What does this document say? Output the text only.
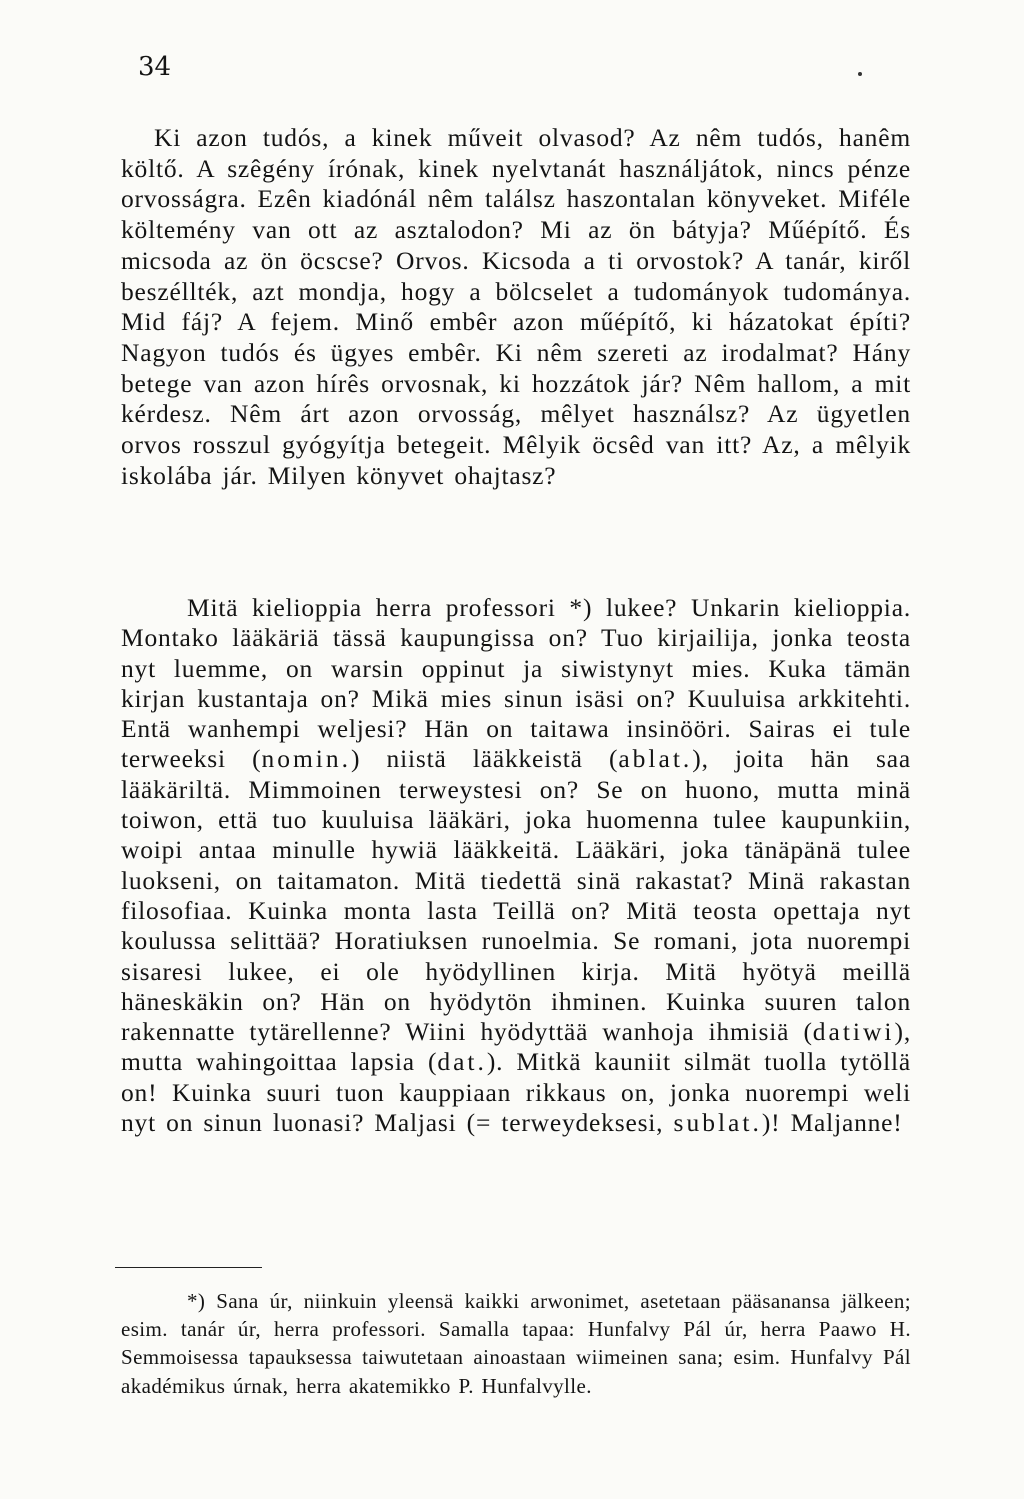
34

Ki azon tudós, a kinek műveit olvasod? Az nêm tudós, hanêm költő. A szêgény írónak, kinek nyelvtanát használjátok, nincs pénze orvosságra. Ezên kiadónál nêm találsz haszontalan könyveket. Miféle költemény van ott az asztalodon? Mi az ön bátyja? Műépítő. És micsoda az ön öcscse? Orvos. Kicsoda a ti orvostok? A tanár, kiről beszéllték, azt mondja, hogy a bölcselet a tudományok tudománya. Mid fáj? A fejem. Minő embêr azon műépítő, ki házatokat építi? Nagyon tudós és ügyes embêr. Ki nêm szereti az irodalmat? Hány betege van azon hírês orvosnak, ki hozzátok jár? Nêm hallom, a mit kérdesz. Nêm árt azon orvosság, mêlyet használsz? Az ügyetlen orvos rosszul gyógyítja betegeit. Mêlyik öcsêd van itt? Az, a mêlyik iskolába jár. Milyen könyvet ohajtasz?

Mitä kielioppia herra professori *) lukee? Unkarin kielioppia. Montako lääkäriä tässä kaupungissa on? Tuo kirjailija, jonka teosta nyt luemme, on warsin oppinut ja siwistynyt mies. Kuka tämän kirjan kustantaja on? Mikä mies sinun isäsi on? Kuuluisa arkkitehti. Entä wanhempi weljesi? Hän on taitawa insinööri. Sairas ei tule terweeksi (nomin.) niistä lääkkeistä (ablat.), joita hän saa lääkäriltä. Mimmoinen terweystesi on? Se on huono, mutta minä toiwon, että tuo kuuluisa lääkäri, joka huomenna tulee kaupunkiin, woipi antaa minulle hywiä lääkkeitä. Lääkäri, joka tänäpänä tulee luokseni, on taitamaton. Mitä tiedettä sinä rakastat? Minä rakastan filosofiaa. Kuinka monta lasta Teillä on? Mitä teosta opettaja nyt koulussa selittää? Horatiuksen runoelmia. Se romani, jota nuorempi sisaresi lukee, ei ole hyödyllinen kirja. Mitä hyötyä meillä häneskäkin on? Hän on hyödytön ihminen. Kuinka suuren talon rakennatte tytärellenne? Wiini hyödyttää wanhoja ihmisiä (datiwi), mutta wahingoittaa lapsia (dat.). Mitkä kauniit silmät tuolla tytöllä on! Kuinka suuri tuon kauppiaan rikkaus on, jonka nuorempi weli nyt on sinun luonasi? Maljasi (= terweydeksesi, sublat.)! Maljanne!

*) Sana úr, niinkuin yleensä kaikki arwonimet, asetetaan pääsanansa jälkeen; esim. tanár úr, herra professori. Samalla tapaa: Hunfalvy Pál úr, herra Paawo H. Semmoisessa tapauksessa taiwutetaan ainoastaan wiimeinen sana; esim. Hunfalvy Pál akadémikus úrnak, herra akatemikko P. Hunfalvylle.
